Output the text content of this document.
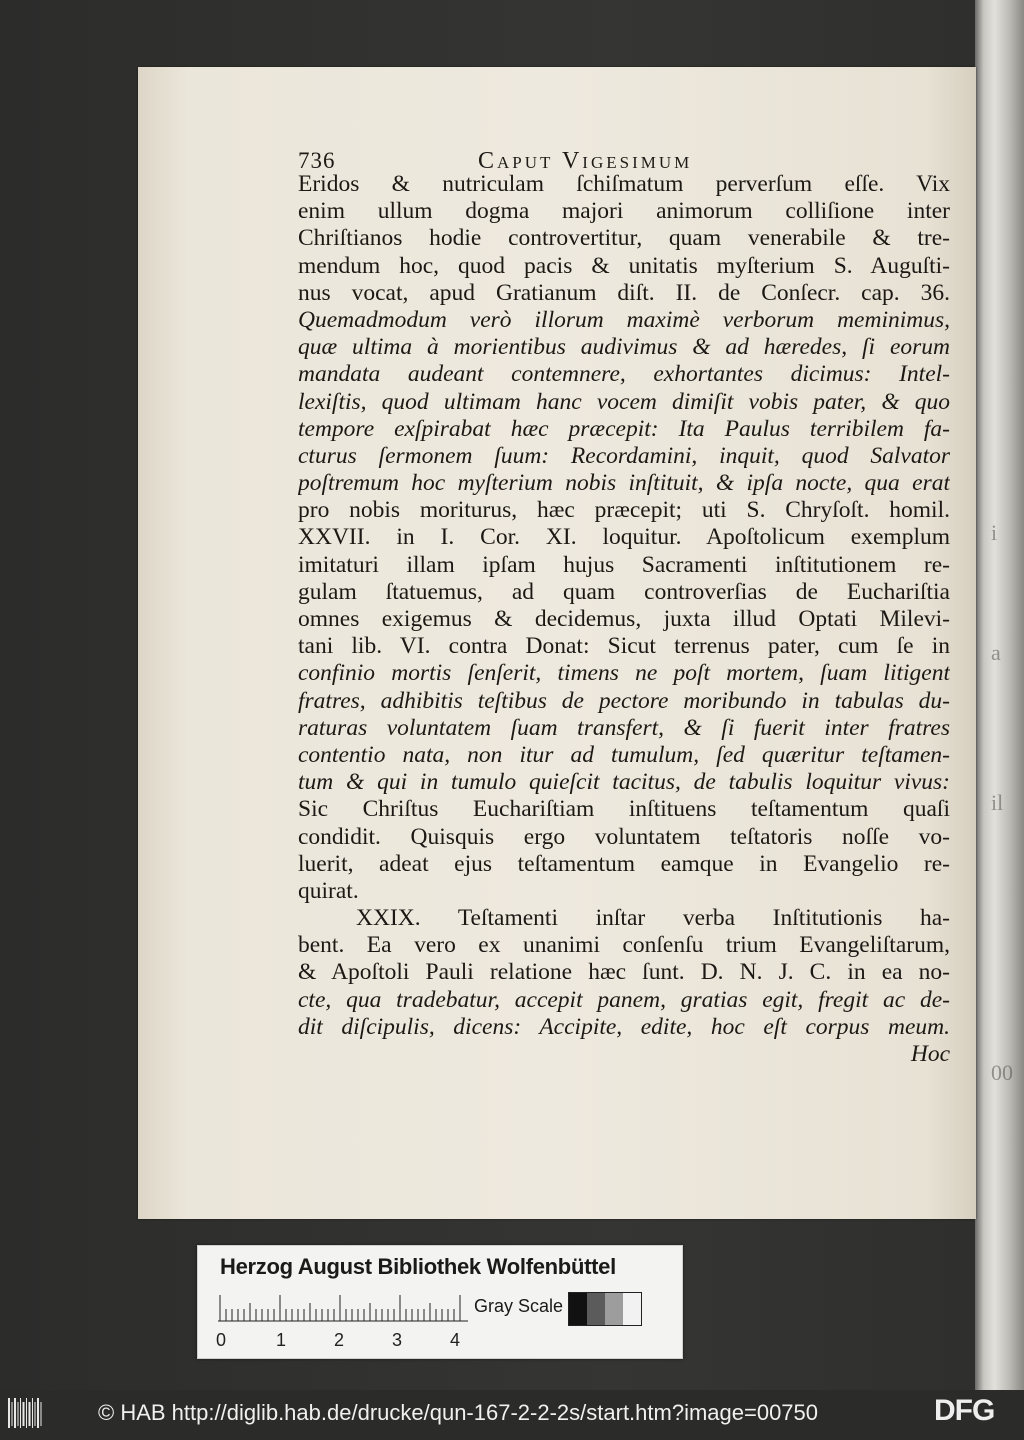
i
a
il
00
736	Caput Vigesimum
Eridos & nutriculam ſchiſmatum perverſum eſſe. Vix
enim ullum dogma majori animorum colliſione inter
Chriſtianos hodie controvertitur, quam venerabile & tre-
mendum hoc, quod pacis & unitatis myſterium S. Auguſti-
nus vocat, apud Gratianum diſt. II. de Conſecr. cap. 36.
Quemadmodum verò illorum maximè verborum meminimus,
quæ ultima à morientibus audivimus & ad hæredes, ſi eorum
mandata audeant contemnere, exhortantes dicimus: Intel-
lexiſtis, quod ultimam hanc vocem dimiſit vobis pater, & quo
tempore exſpirabat hæc præcepit: Ita Paulus terribilem fa-
cturus ſermonem ſuum: Recordamini, inquit, quod Salvator
poſtremum hoc myſterium nobis inſtituit, & ipſa nocte, qua erat
pro nobis moriturus, hæc præcepit; uti S. Chryſoſt. homil.
XXVII. in I. Cor. XI. loquitur. Apoſtolicum exemplum
imitaturi illam ipſam hujus Sacramenti inſtitutionem re-
gulam ſtatuemus, ad quam controverſias de Euchariſtia
omnes exigemus & decidemus, juxta illud Optati Milevi-
tani lib. VI. contra Donat: Sicut terrenus pater, cum ſe in
confinio mortis ſenſerit, timens ne poſt mortem, ſuam litigent
fratres, adhibitis teſtibus de pectore moribundo in tabulas du-
raturas voluntatem ſuam transfert, & ſi fuerit inter fratres
contentio nata, non itur ad tumulum, ſed quæritur teſtamen-
tum & qui in tumulo quieſcit tacitus, de tabulis loquitur vivus:
Sic Chriſtus Euchariſtiam inſtituens teſtamentum quaſi
condidit. Quisquis ergo voluntatem teſtatoris noſſe vo-
luerit, adeat ejus teſtamentum eamque in Evangelio re-
quirat.
XXIX. Teſtamenti inſtar verba Inſtitutionis ha-
bent. Ea vero ex unanimi conſenſu trium Evangeliſtarum,
& Apoſtoli Pauli relatione hæc ſunt. D. N. J. C. in ea no-
cte, qua tradebatur, accepit panem, gratias egit, fregit ac de-
dit diſcipulis, dicens: Accipite, edite, hoc eſt corpus meum.
Hoc
Herzog August Bibliothek Wolfenbüttel
0	1	2	3	4
Gray Scale
© HAB http://diglib.hab.de/drucke/qun-167-2-2-2s/start.htm?image=00750	DFG
